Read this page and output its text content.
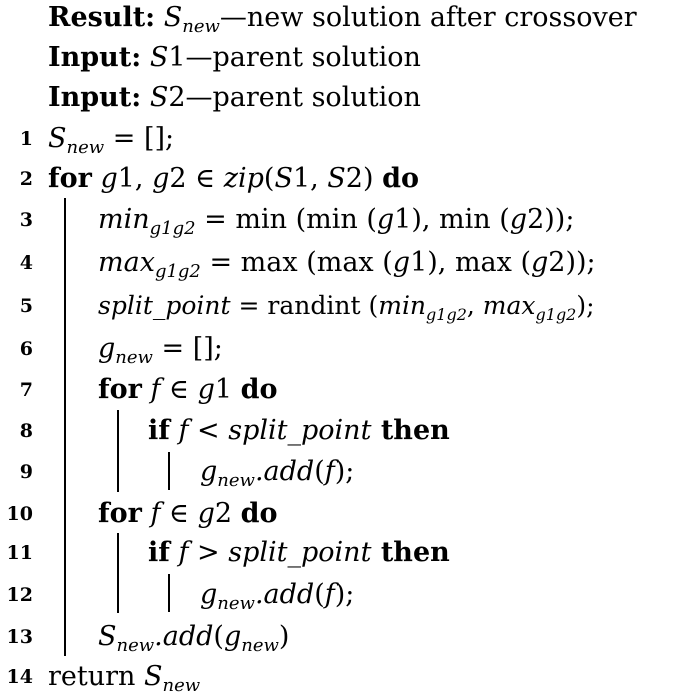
Result: $S_{new}—new$ solution after crossover
Input: S1—parent solution
Input: S2—parent solution
1 $S_{new}$ = [];
2 for g1, g2 ∈ zip(S1, S2) do
3 $\min_{g1g2} = \min (\min$ (g1), min (g2));
4 $\max_{g1g2} = \max (\max$ (g1), max (g2));
5	split_point = randint ($\min_{g1g2}$, $\max_{g1g2}$);
6 $g_{new}$ = [];
7 for f ∈ g1 do
8	if f < split_point then
9	$g_{new}.add(f)$;
10 for f ∈ g2 do
11	if f > split_point then
12	$g_{new}.add(f)$;
13 $S_{new}.add(g_{new})$
14 return $S_{new}$
